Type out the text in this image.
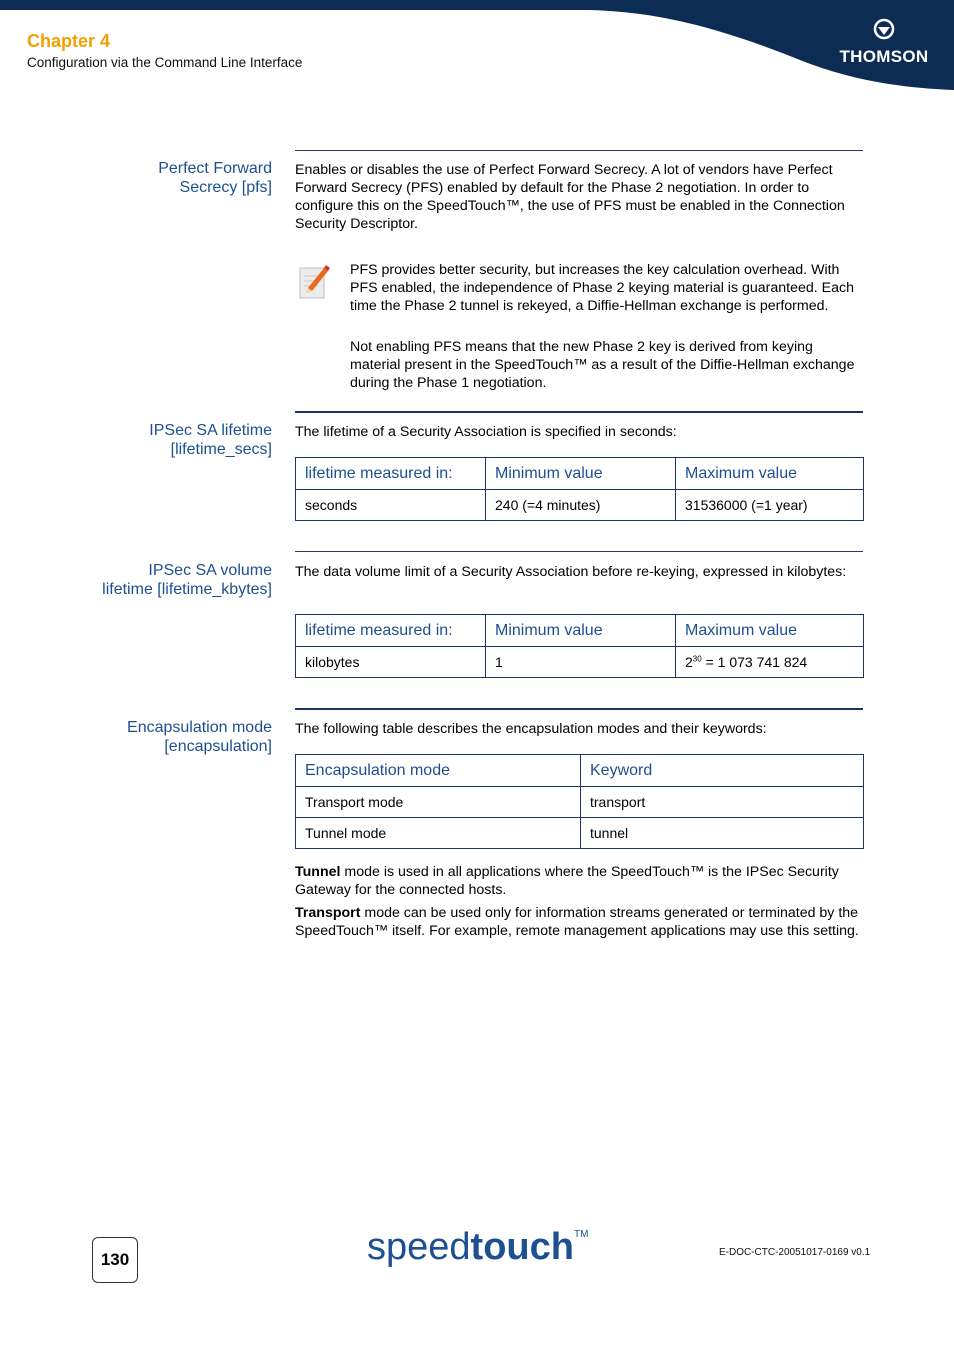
Chapter 4
Configuration via the Command Line Interface	THOMSON
Perfect Forward
Secrecy [pfs]
Enables or disables the use of Perfect Forward Secrecy. A lot of vendors have Perfect Forward Secrecy (PFS) enabled by default for the Phase 2 negotiation. In order to configure this on the SpeedTouch™, the use of PFS must be enabled in the Connection Security Descriptor.
PFS provides better security, but increases the key calculation overhead. With PFS enabled, the independence of Phase 2 keying material is guaranteed. Each time the Phase 2 tunnel is rekeyed, a Diffie-Hellman exchange is performed.
Not enabling PFS means that the new Phase 2 key is derived from keying material present in the SpeedTouch™ as a result of the Diffie-Hellman exchange during the Phase 1 negotiation.
IPSec SA lifetime
[lifetime_secs]
The lifetime of a Security Association is specified in seconds:
lifetime measured in:	Minimum value	Maximum value
seconds	240 (=4 minutes)	31536000 (=1 year)
IPSec SA volume
lifetime [lifetime_kbytes]
The data volume limit of a Security Association before re-keying, expressed in kilobytes:
lifetime measured in:	Minimum value	Maximum value
kilobytes	1	$2^{30} = 1$ 073 741 824
Encapsulation mode
[encapsulation]
The following table describes the encapsulation modes and their keywords:
Encapsulation mode	Keyword
Transport mode	transport
Tunnel mode	tunnel
Tunnel mode is used in all applications where the SpeedTouch™ is the IPSec Security Gateway for the connected hosts.
Transport mode can be used only for information streams generated or terminated by the SpeedTouch™ itself. For example, remote management applications may use this setting.
130	speedtouch™
E-DOC-CTC-20051017-0169 v0.1
